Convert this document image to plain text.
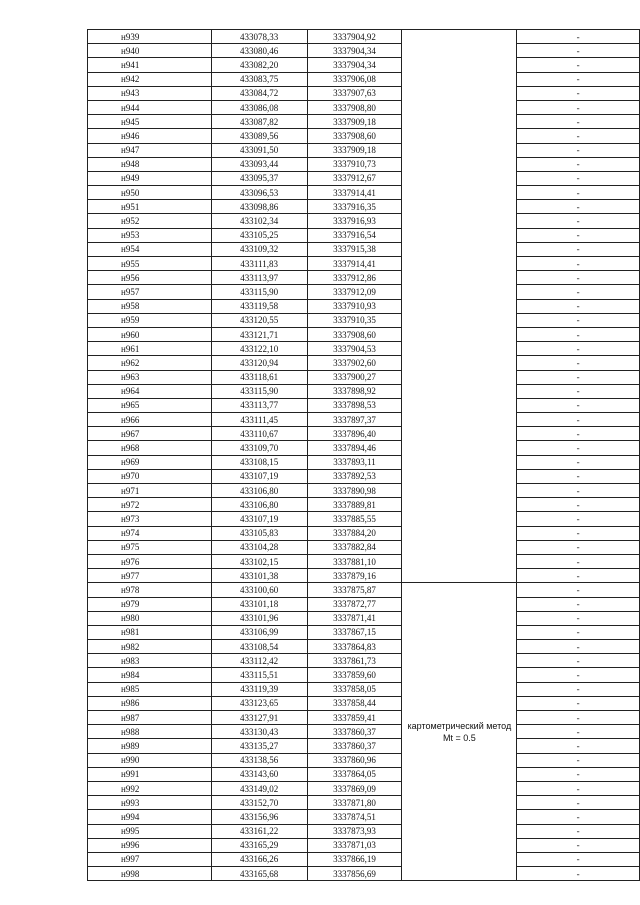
н939	433078,33	3337904,92		-
н940	433080,46	3337904,34		-
н941	433082,20	3337904,34		-
н942	433083,75	3337906,08		-
н943	433084,72	3337907,63		-
н944	433086,08	3337908,80		-
н945	433087,82	3337909,18		-
н946	433089,56	3337908,60		-
н947	433091,50	3337909,18		-
н948	433093,44	3337910,73		-
н949	433095,37	3337912,67		-
н950	433096,53	3337914,41		-
н951	433098,86	3337916,35		-
н952	433102,34	3337916,93		-
н953	433105,25	3337916,54		-
н954	433109,32	3337915,38		-
н955	433111,83	3337914,41		-
н956	433113,97	3337912,86		-
н957	433115,90	3337912,09		-
н958	433119,58	3337910,93		-
н959	433120,55	3337910,35		-
н960	433121,71	3337908,60		-
н961	433122,10	3337904,53		-
н962	433120,94	3337902,60		-
н963	433118,61	3337900,27		-
н964	433115,90	3337898,92		-
н965	433113,77	3337898,53		-
н966	433111,45	3337897,37		-
н967	433110,67	3337896,40		-
н968	433109,70	3337894,46		-
н969	433108,15	3337893,11		-
н970	433107,19	3337892,53		-
н971	433106,80	3337890,98		-
н972	433106,80	3337889,81		-
н973	433107,19	3337885,55		-
н974	433105,83	3337884,20		-
н975	433104,28	3337882,84		-
н976	433102,15	3337881,10		-
н977	433101,38	3337879,16		-
н978	433100,60	3337875,87	картометрический метод Mt = 0.5	-
н979	433101,18	3337872,77		-
н980	433101,96	3337871,41		-
н981	433106,99	3337867,15		-
н982	433108,54	3337864,83		-
н983	433112,42	3337861,73		-
н984	433115,51	3337859,60		-
н985	433119,39	3337858,05		-
н986	433123,65	3337858,44		-
н987	433127,91	3337859,41		-
н988	433130,43	3337860,37		-
н989	433135,27	3337860,37		-
н990	433138,56	3337860,96		-
н991	433143,60	3337864,05		-
н992	433149,02	3337869,09		-
н993	433152,70	3337871,80		-
н994	433156,96	3337874,51		-
н995	433161,22	3337873,93		-
н996	433165,29	3337871,03		-
н997	433166,26	3337866,19		-
н998	433165,68	3337856,69		-
